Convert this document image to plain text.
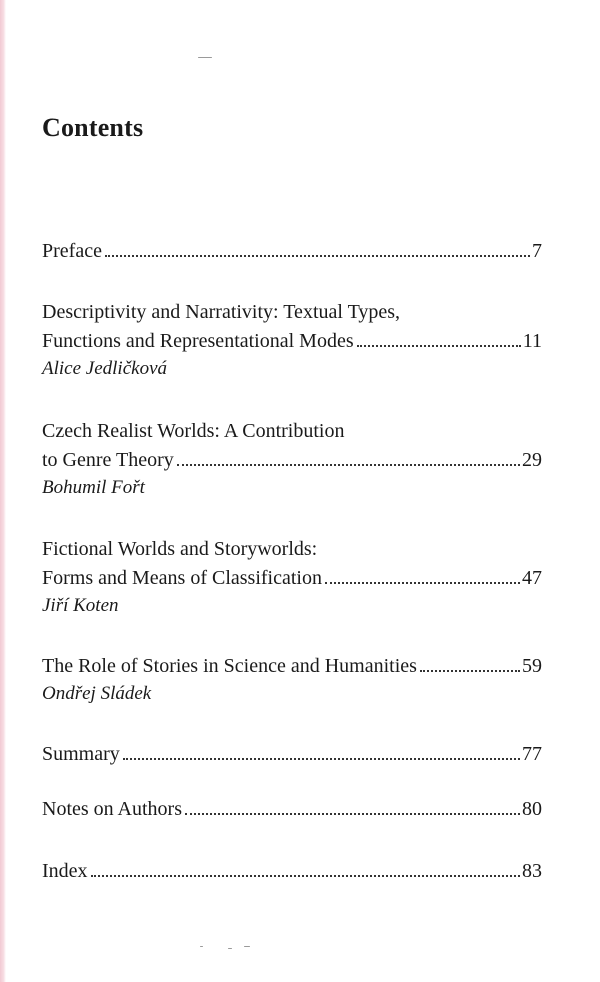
Contents
Preface	7
Descriptivity and Narrativity: Textual Types,
Functions and Representational Modes	11
Alice Jedličková
Czech Realist Worlds: A Contribution
to Genre Theory	29
Bohumil Fořt
Fictional Worlds and Storyworlds:
Forms and Means of Classification	47
Jiří Koten
The Role of Stories in Science and Humanities	59
Ondřej Sládek
Summary	77
Notes on Authors	80
Index	83
